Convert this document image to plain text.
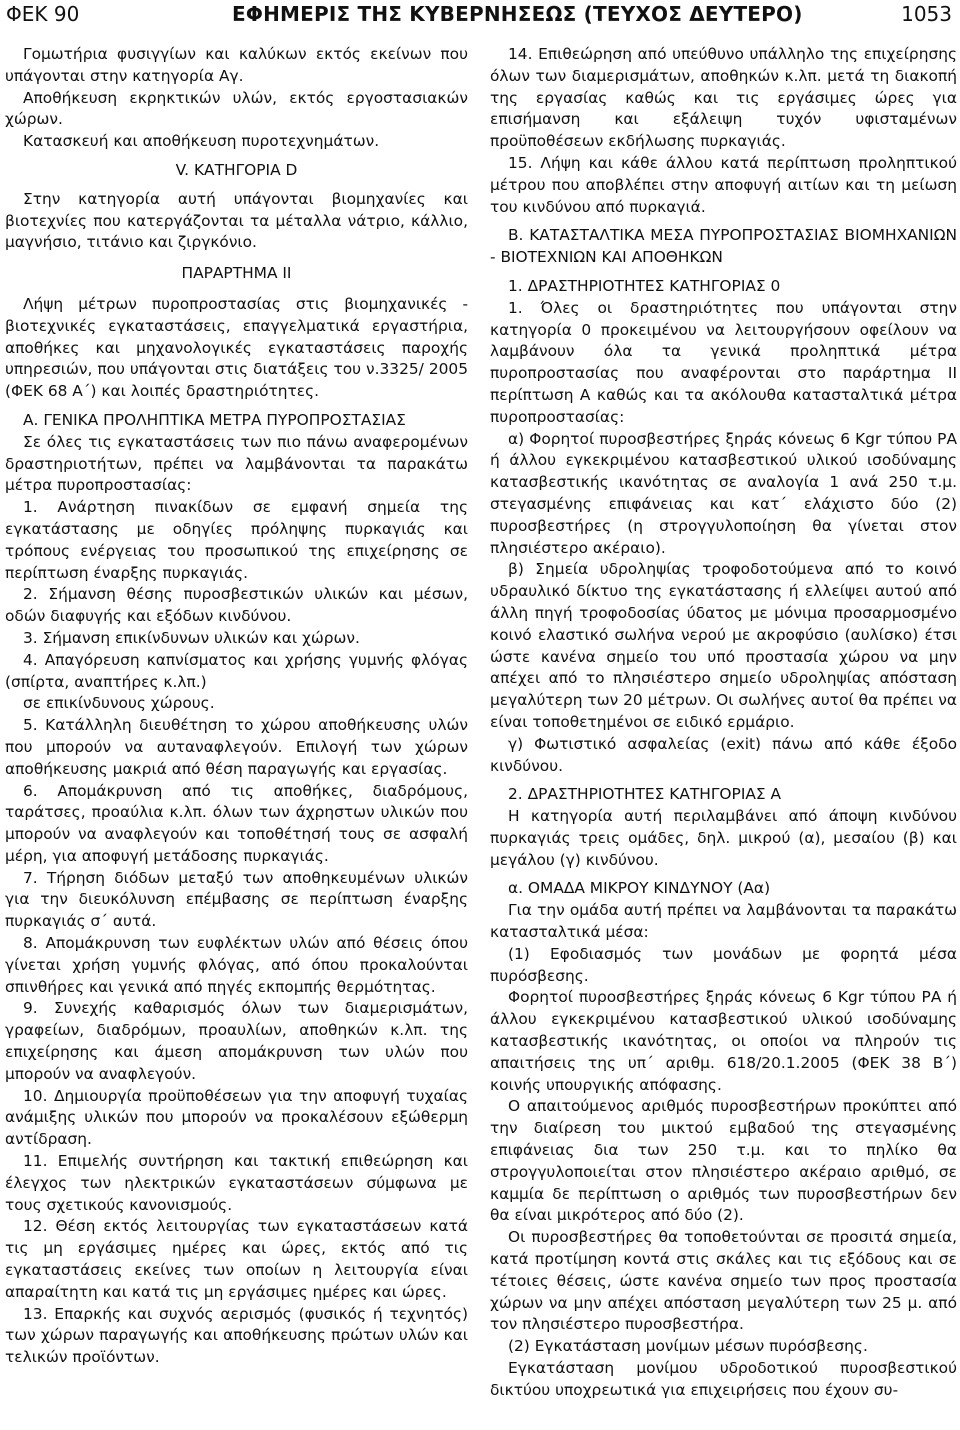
ΦΕΚ 90	ΕΦΗΜΕΡΙΣ ΤΗΣ ΚΥΒΕΡΝΗΣΕΩΣ (ΤΕΥΧΟΣ ΔΕΥΤΕΡΟ)	1053

Γομωτήρια φυσιγγίων και καλύκων εκτός εκείνων που υπάγονται στην κατηγορία Αγ.

Αποθήκευση εκρηκτικών υλών, εκτός εργοστασιακών χώρων.

Κατασκευή και αποθήκευση πυροτεχνημάτων.

V. ΚΑΤΗΓΟΡΙΑ D

Στην κατηγορία αυτή υπάγονται βιομηχανίες και βιοτεχνίες που κατεργάζονται τα μέταλλα νάτριο, κάλλιο, μαγνήσιο, τιτάνιο και ζιργκόνιο.

ΠΑΡΑΡΤΗΜΑ ΙΙ

Λήψη μέτρων πυροπροστασίας στις βιομηχανικές - βιοτεχνικές εγκαταστάσεις, επαγγελματικά εργαστήρια, αποθήκες και μηχανολογικές εγκαταστάσεις παροχής υπηρεσιών, που υπάγονται στις διατάξεις του ν.3325/ 2005 (ΦΕΚ 68 Α΄) και λοιπές δραστηριότητες.

Α. ΓΕΝΙΚΑ ΠΡΟΛΗΠΤΙΚΑ ΜΕΤΡΑ ΠΥΡΟΠΡΟΣΤΑΣΙΑΣ

Σε όλες τις εγκαταστάσεις των πιο πάνω αναφερομένων δραστηριοτήτων, πρέπει να λαμβάνονται τα παρακάτω μέτρα πυροπροστασίας:

1. Ανάρτηση πινακίδων σε εμφανή σημεία της εγκατάστασης με οδηγίες πρόληψης πυρκαγιάς και τρόπους ενέργειας του προσωπικού της επιχείρησης σε περίπτωση έναρξης πυρκαγιάς.

2. Σήμανση θέσης πυροσβεστικών υλικών και μέσων, οδών διαφυγής και εξόδων κινδύνου.

3. Σήμανση επικίνδυνων υλικών και χώρων.

4. Απαγόρευση καπνίσματος και χρήσης γυμνής φλόγας (σπίρτα, αναπτήρες κ.λπ.)

σε επικίνδυνους χώρους.

5. Κατάλληλη διευθέτηση το χώρου αποθήκευσης υλών που μπορούν να αυταναφλεγούν. Επιλογή των χώρων αποθήκευσης μακριά από θέση παραγωγής και εργασίας.

6. Απομάκρυνση από τις αποθήκες, διαδρόμους, ταράτσες, προαύλια κ.λπ. όλων των άχρηστων υλικών που μπορούν να αναφλεγούν και τοποθέτησή τους σε ασφαλή μέρη, για αποφυγή μετάδοσης πυρκαγιάς.

7. Τήρηση διόδων μεταξύ των αποθηκευμένων υλικών για την διευκόλυνση επέμβασης σε περίπτωση έναρξης πυρκαγιάς σ΄ αυτά.

8. Απομάκρυνση των ευφλέκτων υλών από θέσεις όπου γίνεται χρήση γυμνής φλόγας, από όπου προκαλούνται σπινθήρες και γενικά από πηγές εκπομπής θερμότητας.

9. Συνεχής καθαρισμός όλων των διαμερισμάτων, γραφείων, διαδρόμων, προαυλίων, αποθηκών κ.λπ. της επιχείρησης και άμεση απομάκρυνση των υλών που μπορούν να αναφλεγούν.

10. Δημιουργία προϋποθέσεων για την αποφυγή τυχαίας ανάμιξης υλικών που μπορούν να προκαλέσουν εξώθερμη αντίδραση.

11. Επιμελής συντήρηση και τακτική επιθεώρηση και έλεγχος των ηλεκτρικών εγκαταστάσεων σύμφωνα με τους σχετικούς κανονισμούς.

12. Θέση εκτός λειτουργίας των εγκαταστάσεων κατά τις μη εργάσιμες ημέρες και ώρες, εκτός από τις εγκαταστάσεις εκείνες των οποίων η λειτουργία είναι απαραίτητη και κατά τις μη εργάσιμες ημέρες και ώρες.

13. Επαρκής και συχνός αερισμός (φυσικός ή τεχνητός) των χώρων παραγωγής και αποθήκευσης πρώτων υλών και τελικών προϊόντων.

14. Επιθεώρηση από υπεύθυνο υπάλληλο της επιχείρησης όλων των διαμερισμάτων, αποθηκών κ.λπ. μετά τη διακοπή της εργασίας καθώς και τις εργάσιμες ώρες για επισήμανση και εξάλειψη τυχόν υφισταμένων προϋποθέσεων εκδήλωσης πυρκαγιάς.

15. Λήψη και κάθε άλλου κατά περίπτωση προληπτικού μέτρου που αποβλέπει στην αποφυγή αιτίων και τη μείωση του κινδύνου από πυρκαγιά.

Β. ΚΑΤΑΣΤΑΛΤΙΚΑ ΜΕΣΑ ΠΥΡΟΠΡΟΣΤΑΣΙΑΣ ΒΙΟΜΗΧΑΝΙΩΝ - ΒΙΟΤΕΧΝΙΩΝ ΚΑΙ ΑΠΟΘΗΚΩΝ

1. ΔΡΑΣΤΗΡΙΟΤΗΤΕΣ ΚΑΤΗΓΟΡΙΑΣ 0

1. Όλες οι δραστηριότητες που υπάγονται στην κατηγορία 0 προκειμένου να λειτουργήσουν οφείλουν να λαμβάνουν όλα τα γενικά προληπτικά μέτρα πυροπροστασίας που αναφέρονται στο παράρτημα ΙΙ περίπτωση Α καθώς και τα ακόλουθα κατασταλτικά μέτρα πυροπροστασίας:

α) Φορητοί πυροσβεστήρες ξηράς κόνεως 6 Kgr τύπου ΡΑ ή άλλου εγκεκριμένου κατασβεστικού υλικού ισοδύναμης κατασβεστικής ικανότητας σε αναλογία 1 ανά 250 τ.μ. στεγασμένης επιφάνειας και κατ΄ ελάχιστο δύο (2) πυροσβεστήρες (η στρογγυλοποίηση θα γίνεται στον πλησιέστερο ακέραιο).

β) Σημεία υδροληψίας τροφοδοτούμενα από το κοινό υδραυλικό δίκτυο της εγκατάστασης ή ελλείψει αυτού από άλλη πηγή τροφοδοσίας ύδατος με μόνιμα προσαρμοσμένο κοινό ελαστικό σωλήνα νερού με ακροφύσιο (αυλίσκο) έτσι ώστε κανένα σημείο του υπό προστασία χώρου να μην απέχει από το πλησιέστερο σημείο υδροληψίας απόσταση μεγαλύτερη των 20 μέτρων. Οι σωλήνες αυτοί θα πρέπει να είναι τοποθετημένοι σε ειδικό ερμάριο.

γ) Φωτιστικό ασφαλείας (exit) πάνω από κάθε έξοδο κινδύνου.

2. ΔΡΑΣΤΗΡΙΟΤΗΤΕΣ ΚΑΤΗΓΟΡΙΑΣ Α

Η κατηγορία αυτή περιλαμβάνει από άποψη κινδύνου πυρκαγιάς τρεις ομάδες, δηλ. μικρού (α), μεσαίου (β) και μεγάλου (γ) κινδύνου.

α. ΟΜΑΔΑ ΜΙΚΡΟΥ ΚΙΝΔΥΝΟΥ (Αα)

Για την ομάδα αυτή πρέπει να λαμβάνονται τα παρακάτω κατασταλτικά μέσα:

(1) Εφοδιασμός των μονάδων με φορητά μέσα πυρόσβεσης.

Φορητοί πυροσβεστήρες ξηράς κόνεως 6 Kgr τύπου ΡΑ ή άλλου εγκεκριμένου κατασβεστικού υλικού ισοδύναμης κατασβεστικής ικανότητας, οι οποίοι να πληρούν τις απαιτήσεις της υπ΄ αριθμ. 618/20.1.2005 (ΦΕΚ 38 Β΄) κοινής υπουργικής απόφασης.

Ο απαιτούμενος αριθμός πυροσβεστήρων προκύπτει από την διαίρεση του μικτού εμβαδού της στεγασμένης επιφάνειας δια των 250 τ.μ. και το πηλίκο θα στρογγυλοποιείται στον πλησιέστερο ακέραιο αριθμό, σε καμμία δε περίπτωση ο αριθμός των πυροσβεστήρων δεν θα είναι μικρότερος από δύο (2).

Οι πυροσβεστήρες θα τοποθετούνται σε προσιτά σημεία, κατά προτίμηση κοντά στις σκάλες και τις εξόδους και σε τέτοιες θέσεις, ώστε κανένα σημείο των προς προστασία χώρων να μην απέχει απόσταση μεγαλύτερη των 25 μ. από τον πλησιέστερο πυροσβεστήρα.

(2) Εγκατάσταση μονίμων μέσων πυρόσβεσης.

Εγκατάσταση μονίμου υδροδοτικού πυροσβεστικού δικτύου υποχρεωτικά για επιχειρήσεις που έχουν συ-
